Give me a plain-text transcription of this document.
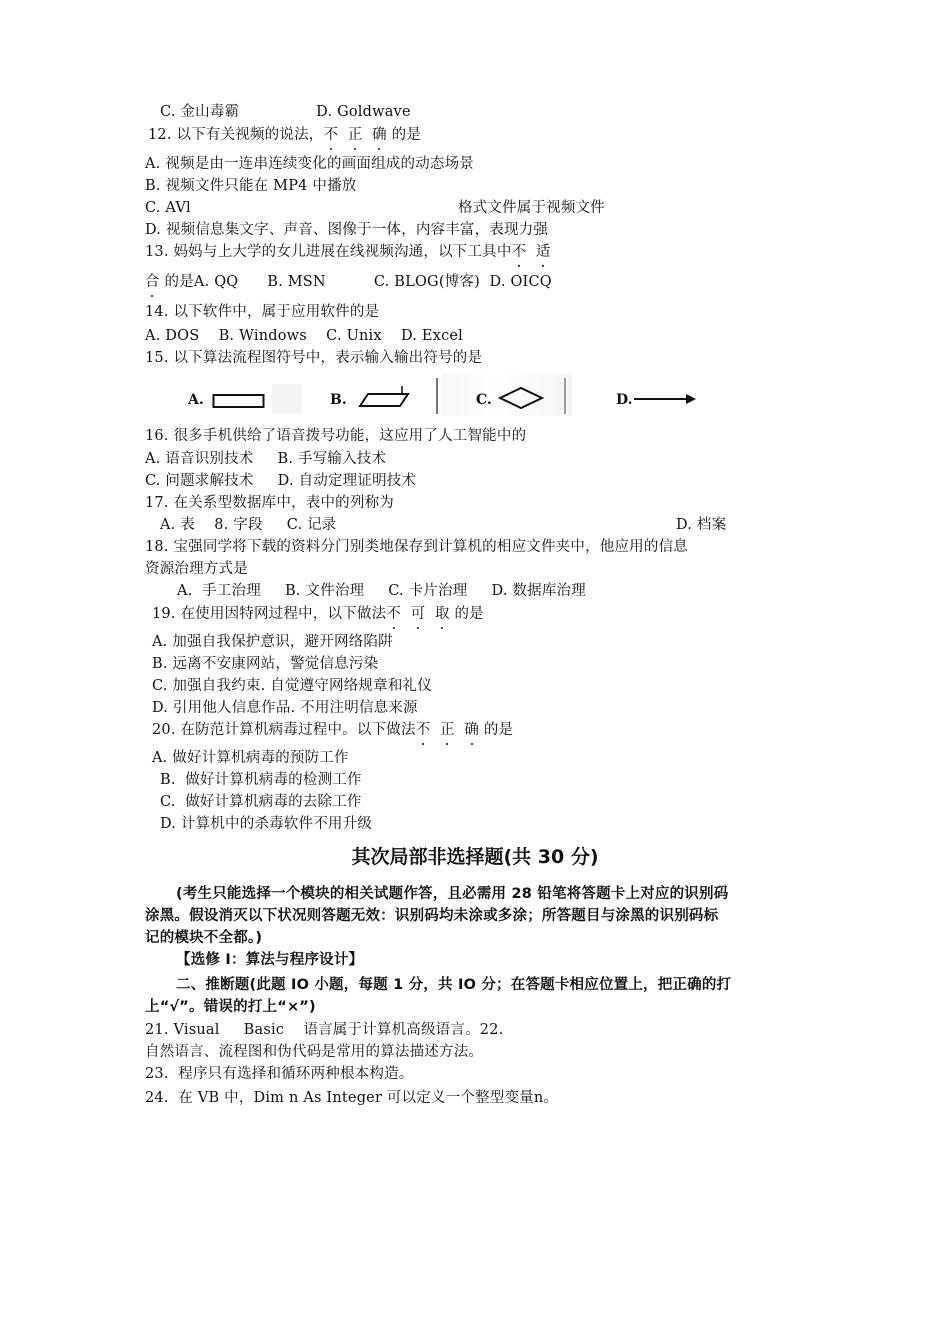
C. 金山毒霸                D. Goldwave
12. 以下有关视频的说法，不 正 确 的是
A. 视频是由一连串连续变化的画面组成的动态场景
B. 视频文件只能在 MP4 中播放
C. AVl	格式文件属于视频文件
D. 视频信息集文字、声音、图像于一体，内容丰富，表现力强
13. 妈妈与上大学的女儿进展在线视频沟通，以下工具中不 适
合 的是A. QQ      B. MSN          C. BLOG(博客)  D. OICQ
14. 以下软件中，属于应用软件的是
A. DOS    B. Windows    C. Unix    D. Excel
15. 以下算法流程图符号中，表示输入输出符号的是
A.	B.	C.	D.
16. 很多手机供给了语音拨号功能，这应用了人工智能中的
A. 语音识别技术     B. 手写输入技术
C. 问题求解技术     D. 自动定理证明技术
17. 在关系型数据库中，表中的列称为
A. 表    8. 字段     C. 记录	D. 档案
18. 宝强同学将下载的资料分门别类地保存到计算机的相应文件夹中，他应用的信息
资源治理方式是
A.  手工治理     B. 文件治理     C. 卡片治理     D. 数据库治理
19. 在使用因特网过程中，以下做法不 可 取 的是
A. 加强自我保护意识，避开网络陷阱
B. 远离不安康网站，警觉信息污染
C. 加强自我约束. 自觉遵守网络规章和礼仪
D. 引用他人信息作品. 不用注明信息来源
20. 在防范计算机病毒过程中。以下做法不 正 确 的是
A. 做好计算机病毒的预防工作
B.  做好计算机病毒的检测工作
C.  做好计算机病毒的去除工作
D. 计算机中的杀毒软件不用升级
其次局部非选择题(共 30 分)
(考生只能选择一个模块的相关试题作答，且必需用 28 铅笔将答题卡上对应的识别码
涂黑。假设消灭以下状况则答题无效：识别码均未涂或多涂；所答题目与涂黑的识别码标
记的模块不全都。)
【选修 I：算法与程序设计】
二、推断题(此题 IO 小题，每题 1 分，共 IO 分；在答题卡相应位置上，把正确的打
上“√”。错误的打上“×”)
21. Visual     Basic    语言属于计算机高级语言。22.
自然语言、流程图和伪代码是常用的算法描述方法。
23.  程序只有选择和循环两种根本构造。
24.  在 VB 中，Dim n As Integer 可以定义一个整型变量n。
